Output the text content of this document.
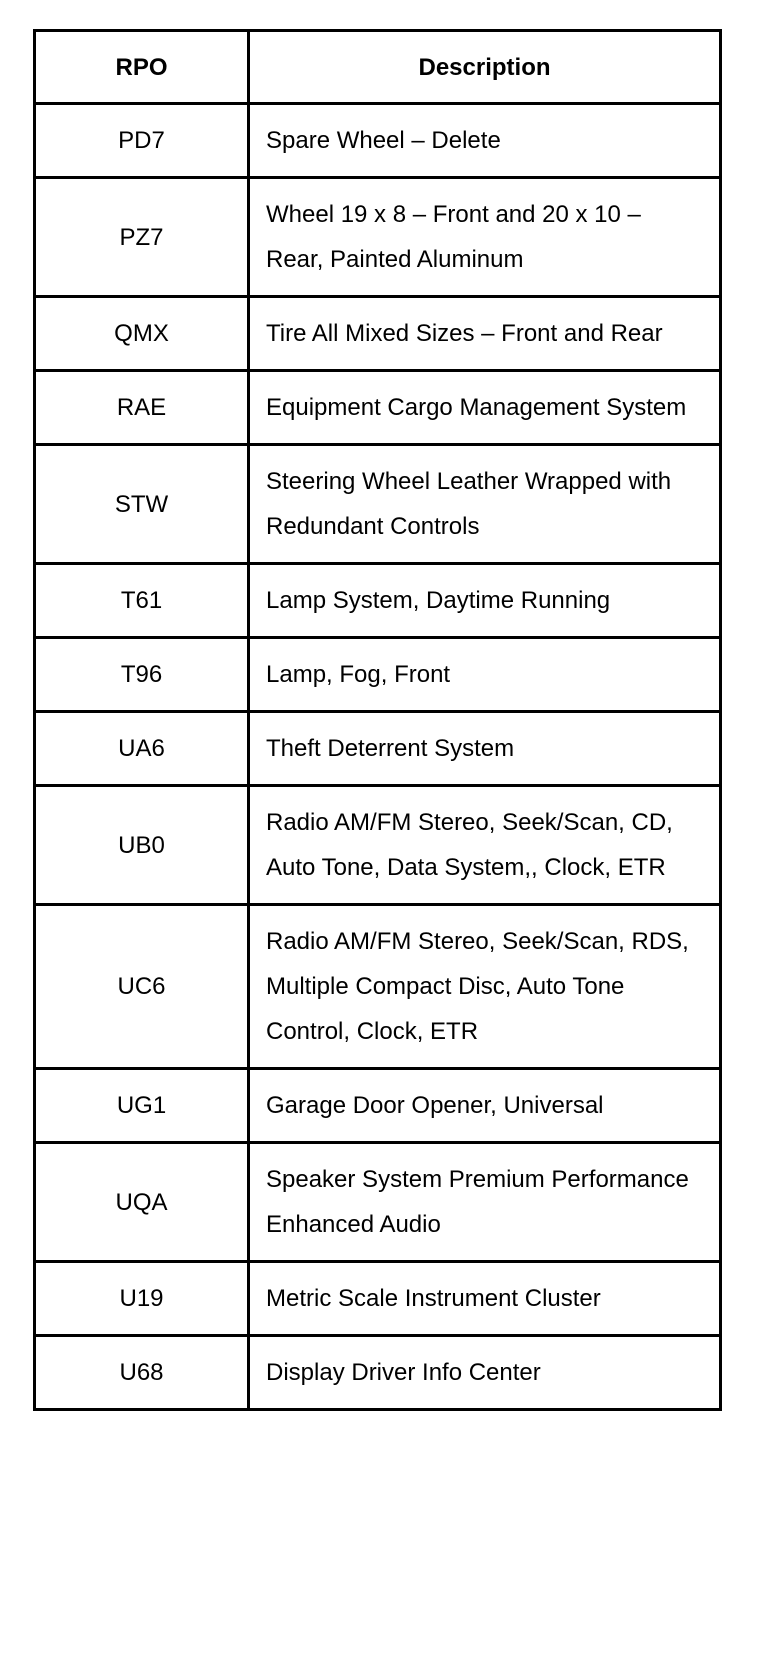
RPO	Description
PD7	Spare Wheel – Delete
PZ7	Wheel 19 x 8 – Front and 20 x 10 – Rear, Painted Aluminum
QMX	Tire All Mixed Sizes – Front and Rear
RAE	Equipment Cargo Management System
STW	Steering Wheel Leather Wrapped with Redundant Controls
T61	Lamp System, Daytime Running
T96	Lamp, Fog, Front
UA6	Theft Deterrent System
UB0	Radio AM/FM Stereo, Seek/Scan, CD, Auto Tone, Data System,, Clock, ETR
UC6	Radio AM/FM Stereo, Seek/Scan, RDS, Multiple Compact Disc, Auto Tone Control, Clock, ETR
UG1	Garage Door Opener, Universal
UQA	Speaker System Premium Performance Enhanced Audio
U19	Metric Scale Instrument Cluster
U68	Display Driver Info Center
